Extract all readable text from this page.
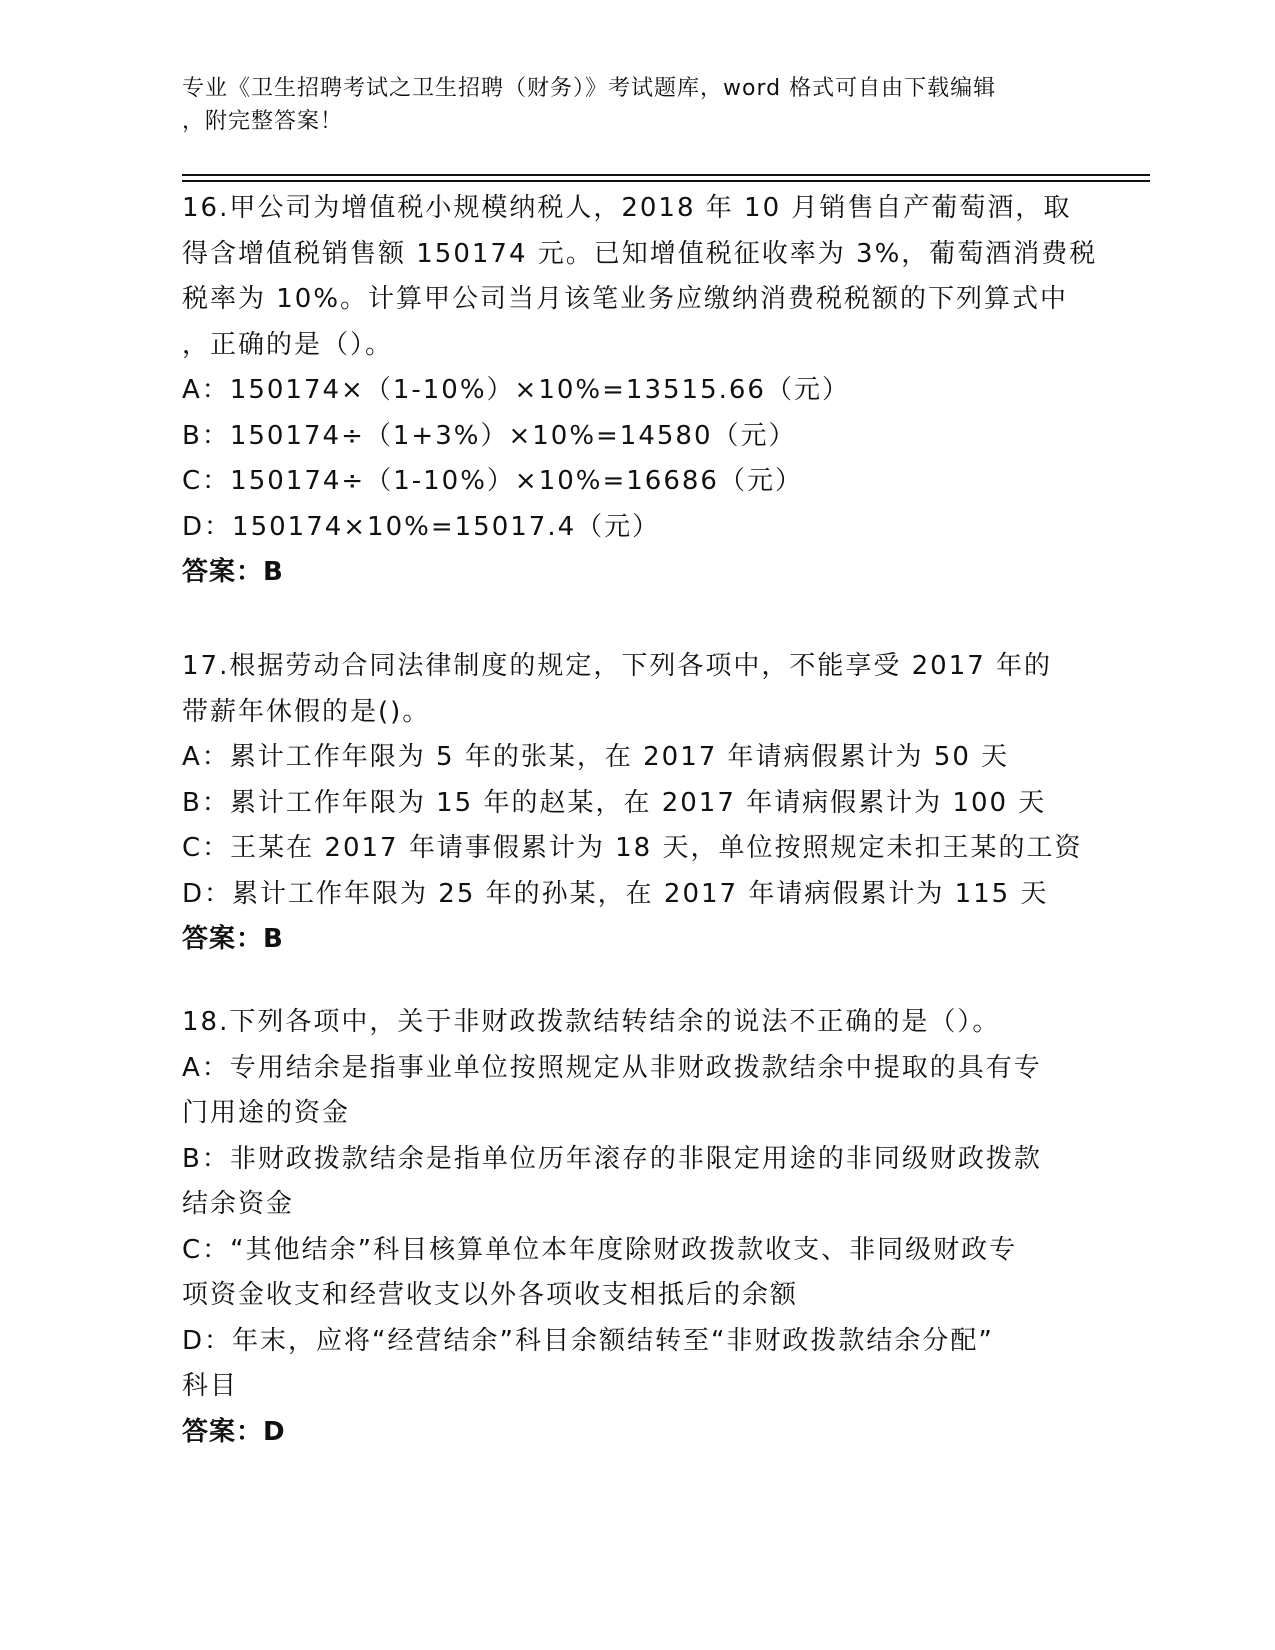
专业《卫生招聘考试之卫生招聘（财务）》考试题库，word 格式可自由下载编辑
，附完整答案！
16.甲公司为增值税小规模纳税人，2018 年 10 月销售自产葡萄酒，取
得含增值税销售额 150174 元。已知增值税征收率为 3%，葡萄酒消费税
税率为 10%。计算甲公司当月该笔业务应缴纳消费税税额的下列算式中
，正确的是（）。
A：150174×（1-10%）×10%=13515.66（元）
B：150174÷（1+3%）×10%=14580（元）
C：150174÷（1-10%）×10%=16686（元）
D：150174×10%=15017.4（元）
答案：B
17.根据劳动合同法律制度的规定，下列各项中，不能享受 2017 年的
带薪年休假的是()。
A：累计工作年限为 5 年的张某，在 2017 年请病假累计为 50 天
B：累计工作年限为 15 年的赵某，在 2017 年请病假累计为 100 天
C：王某在 2017 年请事假累计为 18 天，单位按照规定未扣王某的工资
D：累计工作年限为 25 年的孙某，在 2017 年请病假累计为 115 天
答案：B
18.下列各项中，关于非财政拨款结转结余的说法不正确的是（）。
A：专用结余是指事业单位按照规定从非财政拨款结余中提取的具有专
门用途的资金
B：非财政拨款结余是指单位历年滚存的非限定用途的非同级财政拨款
结余资金
C：“其他结余”科目核算单位本年度除财政拨款收支、非同级财政专
项资金收支和经营收支以外各项收支相抵后的余额
D：年末，应将“经营结余”科目余额结转至“非财政拨款结余分配”
科目
答案：D
